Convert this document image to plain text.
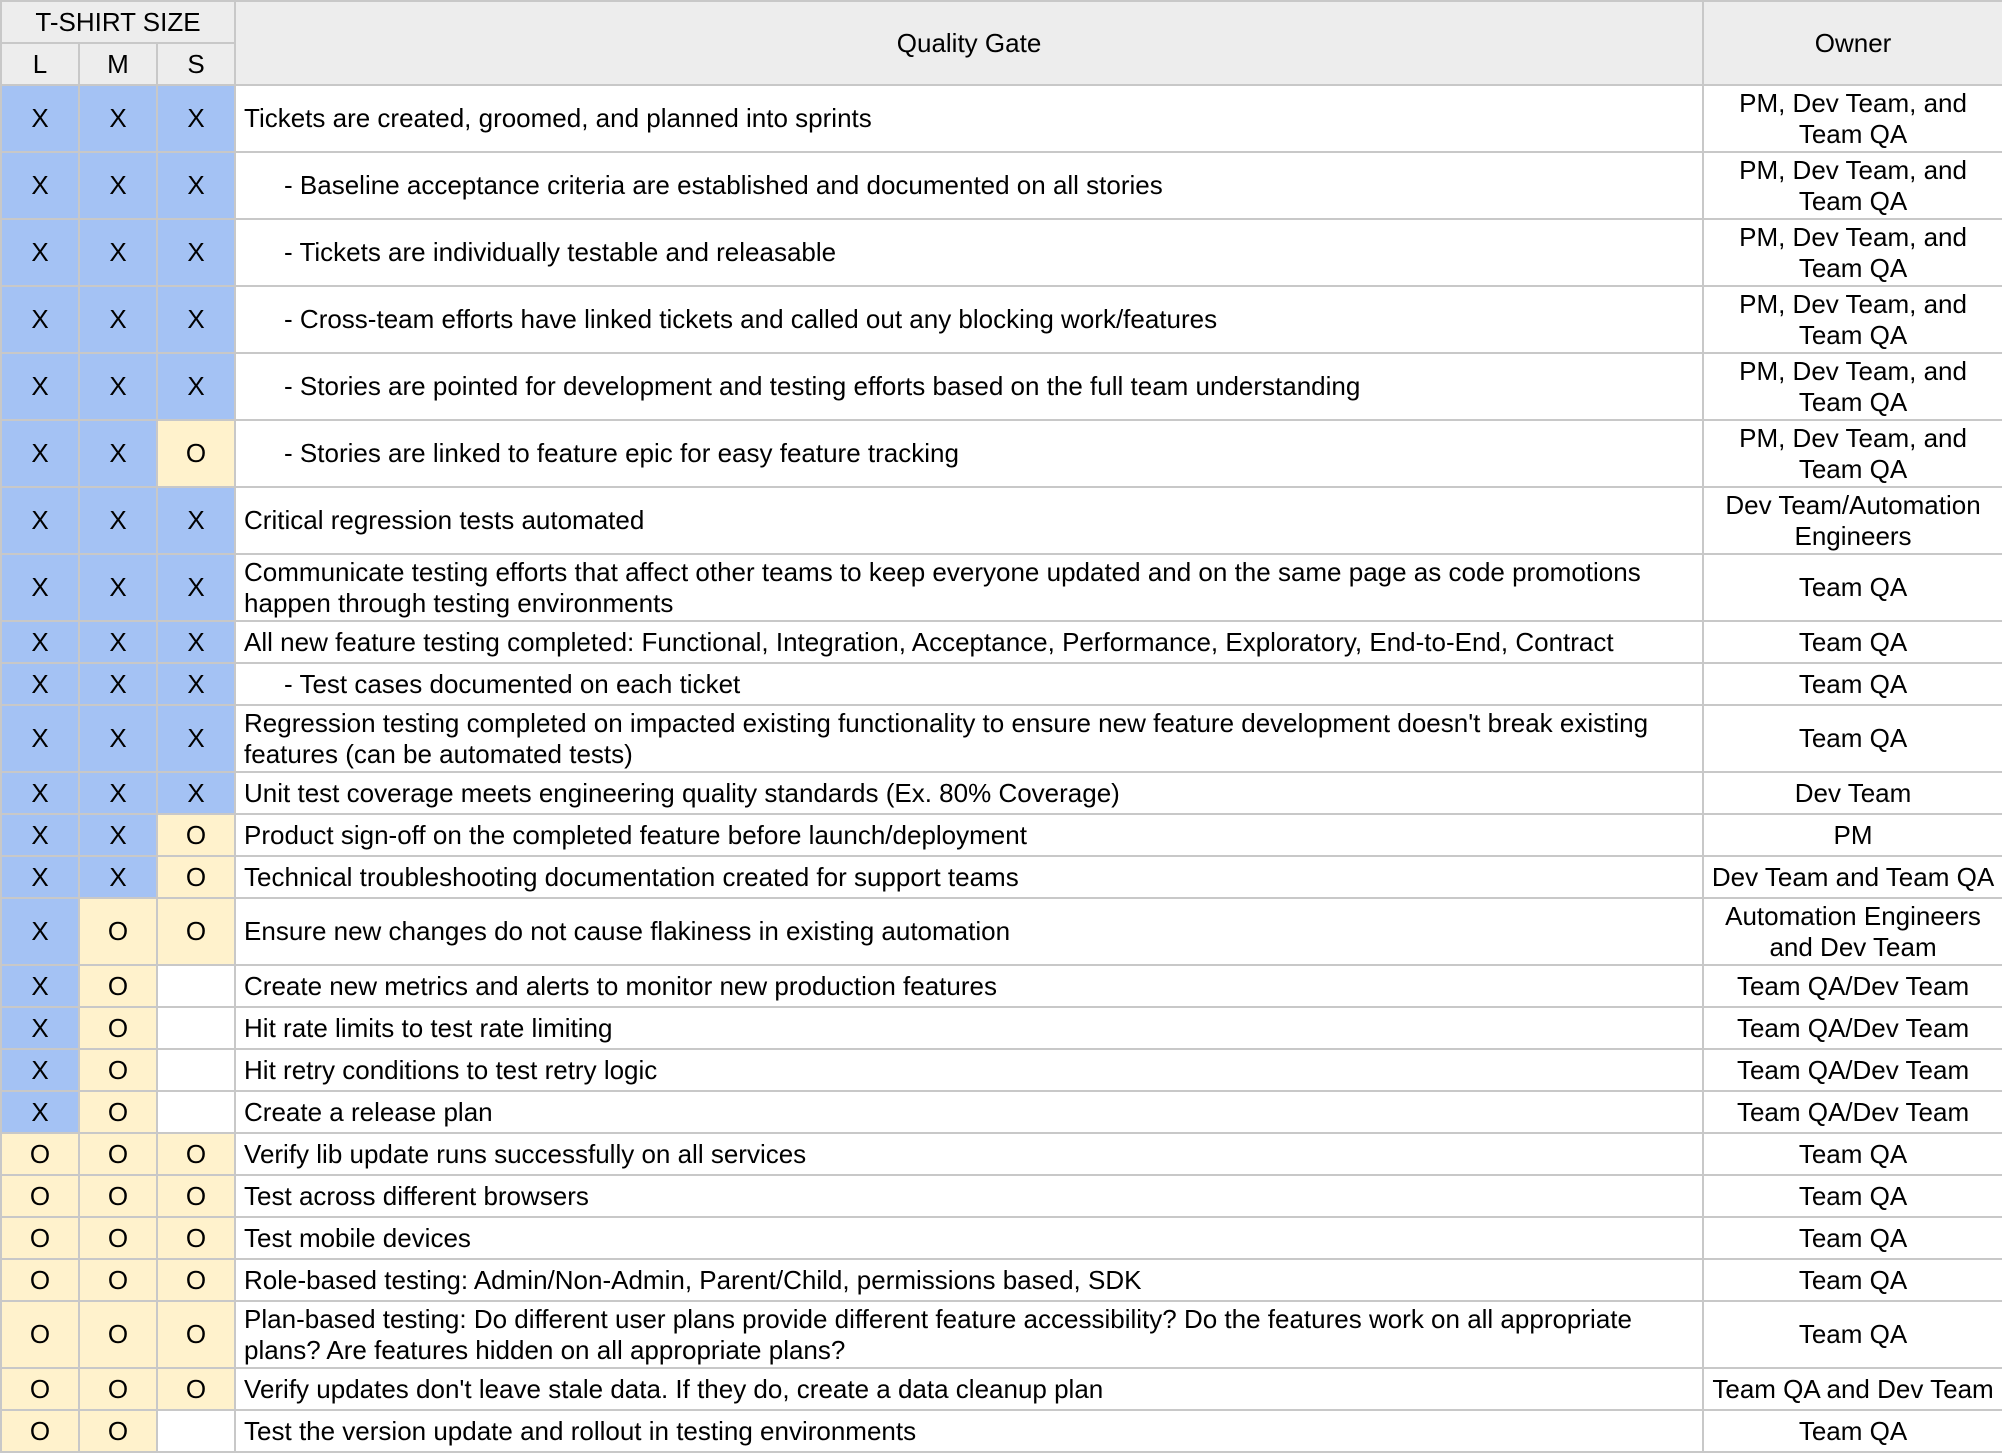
T-SHIRT SIZE			Quality Gate	Owner
L	M	S		
X	X	X	Tickets are created, groomed, and planned into sprints	PM, Dev Team, and Team QA
X	X	X	- Baseline acceptance criteria are established and documented on all stories	PM, Dev Team, and Team QA
X	X	X	- Tickets are individually testable and releasable	PM, Dev Team, and Team QA
X	X	X	- Cross-team efforts have linked tickets and called out any blocking work/features	PM, Dev Team, and Team QA
X	X	X	- Stories are pointed for development and testing efforts based on the full team understanding	PM, Dev Team, and Team QA
X	X	O	- Stories are linked to feature epic for easy feature tracking	PM, Dev Team, and Team QA
X	X	X	Critical regression tests automated	Dev Team/Automation Engineers
X	X	X	Communicate testing efforts that affect other teams to keep everyone updated and on the same page as code promotions happen through testing environments	Team QA
X	X	X	All new feature testing completed: Functional, Integration, Acceptance, Performance, Exploratory, End-to-End, Contract	Team QA
X	X	X	- Test cases documented on each ticket	Team QA
X	X	X	Regression testing completed on impacted existing functionality to ensure new feature development doesn't break existing features (can be automated tests)	Team QA
X	X	X	Unit test coverage meets engineering quality standards (Ex. 80% Coverage)	Dev Team
X	X	O	Product sign-off on the completed feature before launch/deployment	PM
X	X	O	Technical troubleshooting documentation created for support teams	Dev Team and Team QA
X	O	O	Ensure new changes do not cause flakiness in existing automation	Automation Engineers and Dev Team
X	O		Create new metrics and alerts to monitor new production features	Team QA/Dev Team
X	O		Hit rate limits to test rate limiting	Team QA/Dev Team
X	O		Hit retry conditions to test retry logic	Team QA/Dev Team
X	O		Create a release plan	Team QA/Dev Team
O	O	O	Verify lib update runs successfully on all services	Team QA
O	O	O	Test across different browsers	Team QA
O	O	O	Test mobile devices	Team QA
O	O	O	Role-based testing: Admin/Non-Admin, Parent/Child, permissions based, SDK	Team QA
O	O	O	Plan-based testing: Do different user plans provide different feature accessibility? Do the features work on all appropriate plans? Are features hidden on all appropriate plans?	Team QA
O	O	O	Verify updates don't leave stale data. If they do, create a data cleanup plan	Team QA and Dev Team
O	O		Test the version update and rollout in testing environments	Team QA
